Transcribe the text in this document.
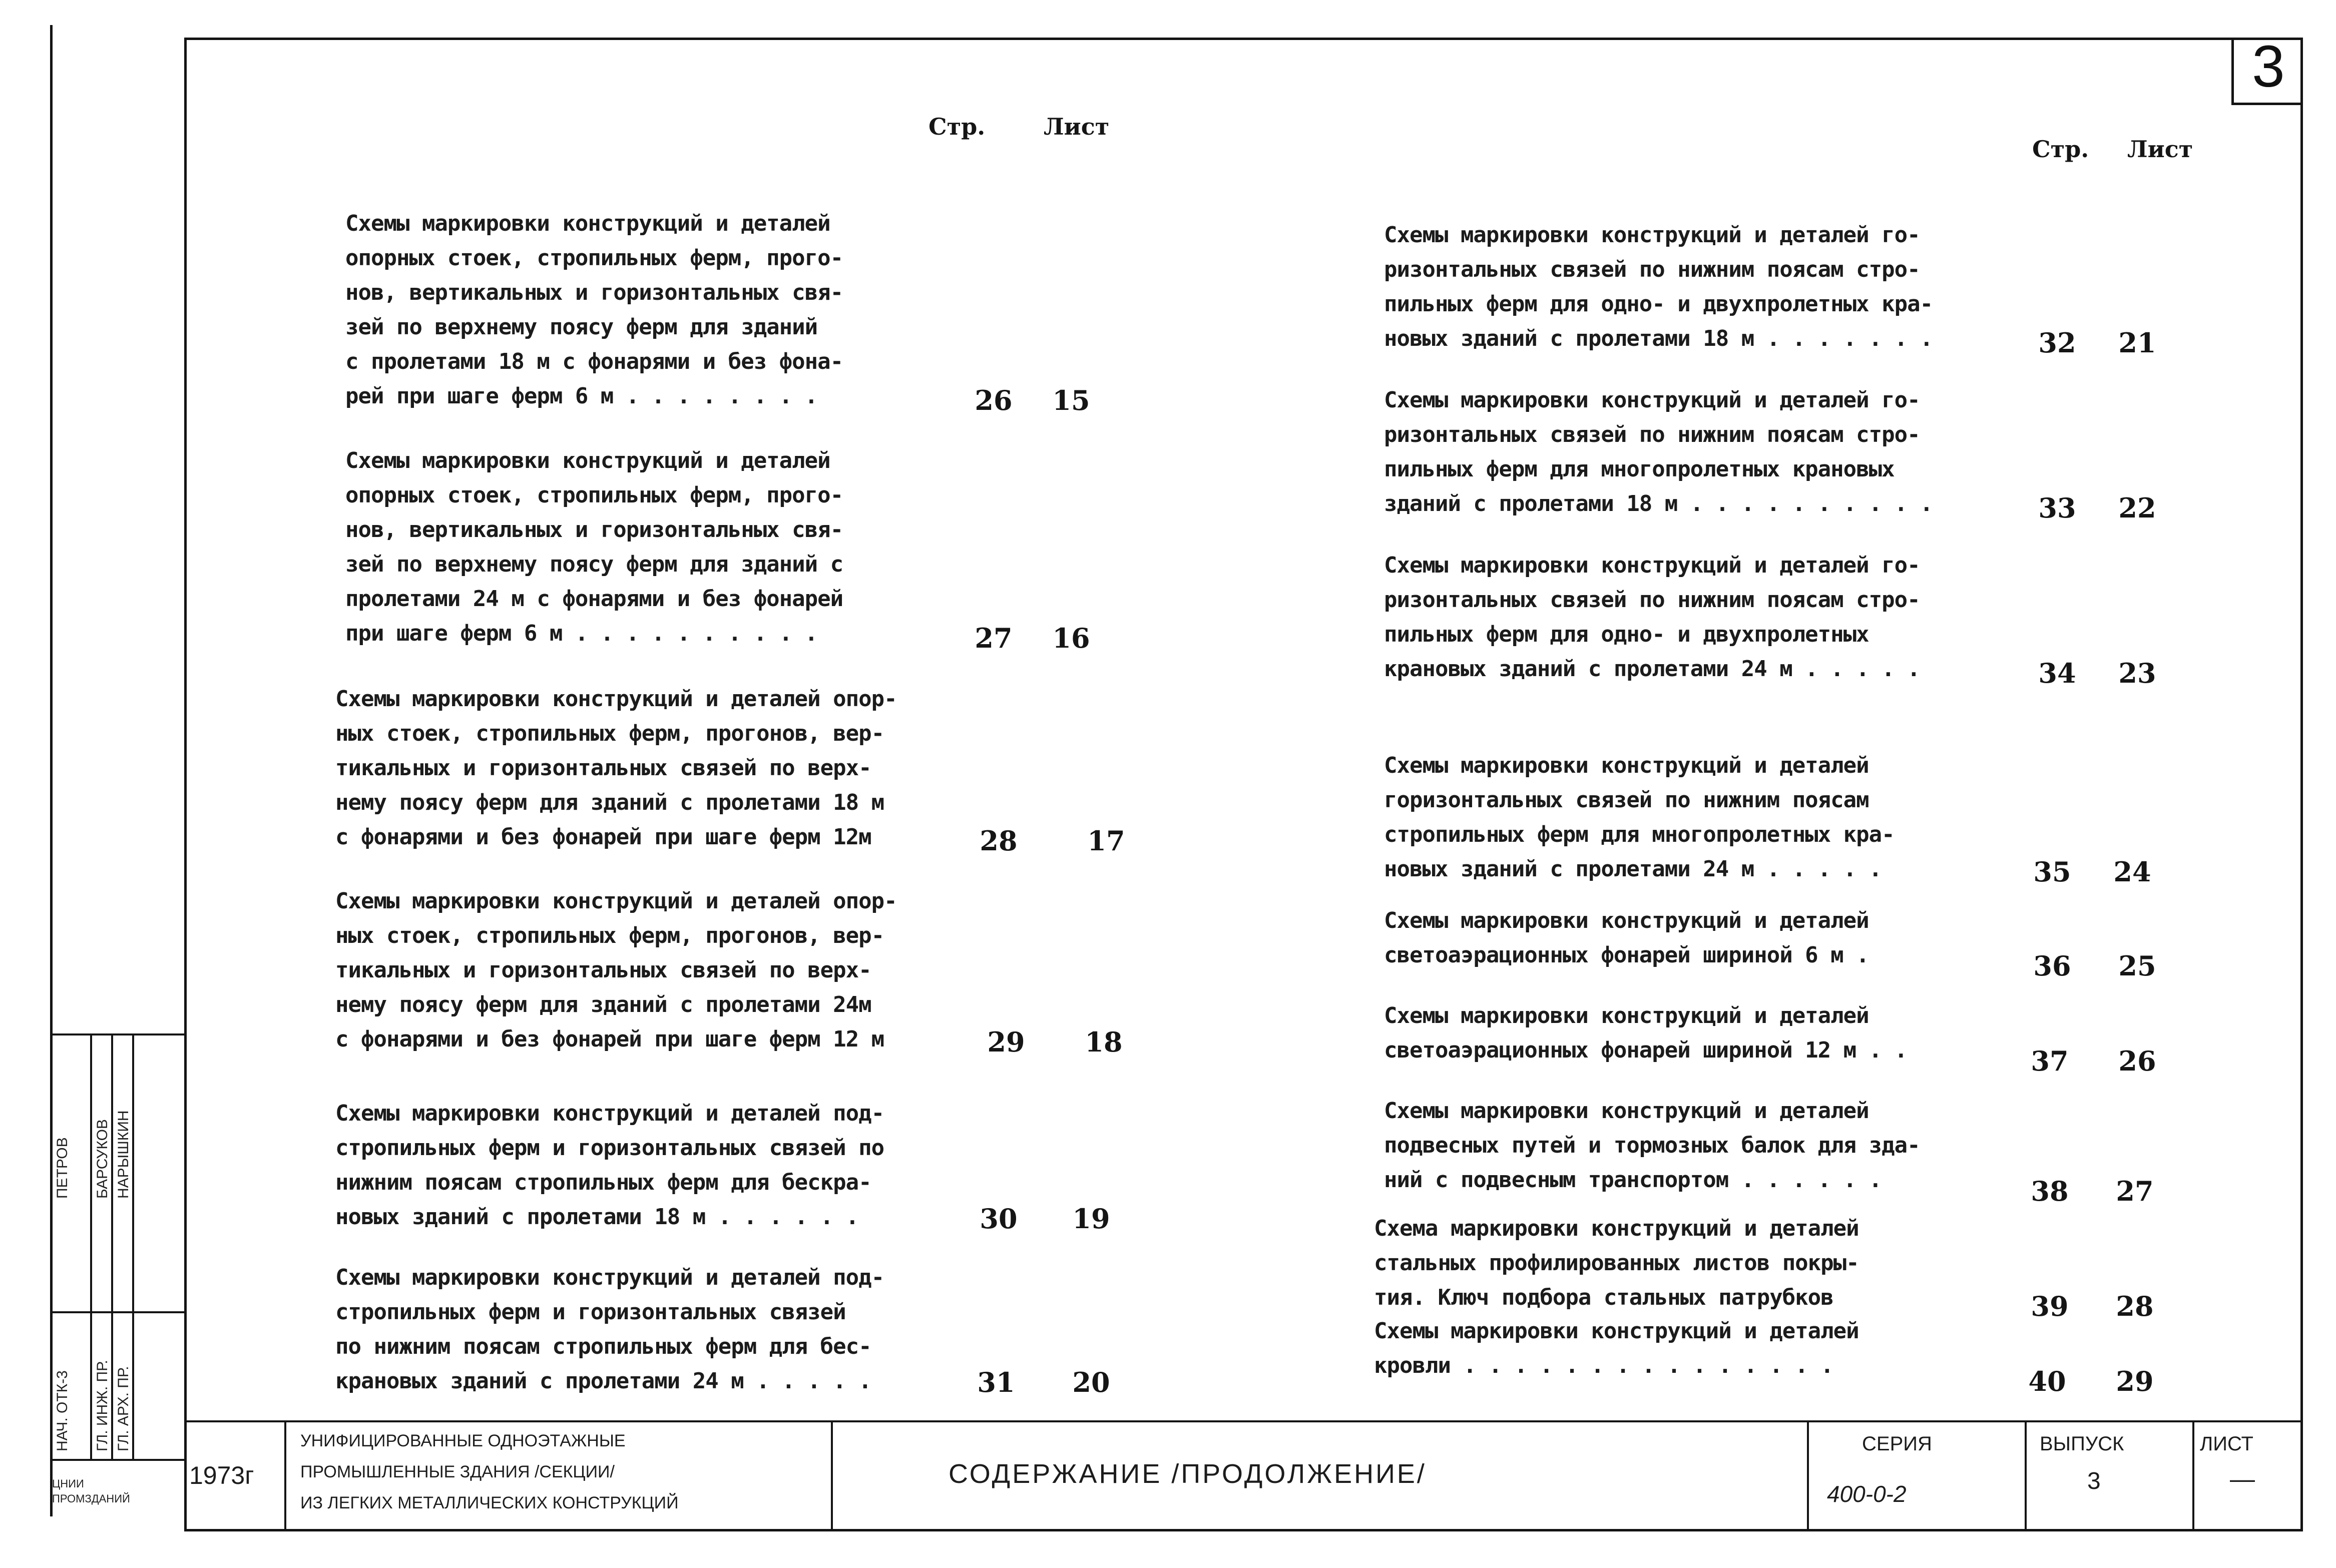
3
Стр.	Лист
Стр. Лист
Схемы маркировки конструкций и деталей
опорных стоек, стропильных ферм, прого-
нов, вертикальных и горизонтальных свя-
зей по верхнему поясу ферм для зданий
с пролетами 18 м с фонарями и без фона-
рей при шаге ферм 6 м . . . . . . . .	26	15
Схемы маркировки конструкций и деталей
опорных стоек, стропильных ферм, прого-
нов, вертикальных и горизонтальных свя-
зей по верхнему поясу ферм для зданий с
пролетами 24 м с фонарями и без фонарей
при шаге ферм 6 м . . . . . . . . . .	27	16
Схемы маркировки конструкций и деталей опор-
ных стоек, стропильных ферм, прогонов, вер-
тикальных и горизонтальных связей по верх-
нему поясу ферм для зданий с пролетами 18 м
с фонарями и без фонарей при шаге ферм 12м	28	17
Схемы маркировки конструкций и деталей опор-
ных стоек, стропильных ферм, прогонов, вер-
тикальных и горизонтальных связей по верх-
нему поясу ферм для зданий с пролетами 24м
с фонарями и без фонарей при шаге ферм 12 м	29	18
Схемы маркировки конструкций и деталей под-
стропильных ферм и горизонтальных связей по
нижним поясам стропильных ферм для бескра-
новых зданий с пролетами 18 м . . . . . .	30	19
Схемы маркировки конструкций и деталей под-
стропильных ферм и горизонтальных связей
по нижним поясам стропильных ферм для бес-
крановых зданий с пролетами 24 м . . . . .	31	20
Схемы маркировки конструкций и деталей го-
ризонтальных связей по нижним поясам стро-
пильных ферм для одно- и двухпролетных кра-
новых зданий с пролетами 18 м . . . . . . .	32	21
Схемы маркировки конструкций и деталей го-
ризонтальных связей по нижним поясам стро-
пильных ферм для многопролетных крановых
зданий с пролетами 18 м . . . . . . . . . .	33	22
Схемы маркировки конструкций и деталей го-
ризонтальных связей по нижним поясам стро-
пильных ферм для одно- и двухпролетных
крановых зданий с пролетами 24 м . . . . .	34	23
Схемы маркировки конструкций и деталей
горизонтальных связей по нижним поясам
стропильных ферм для многопролетных кра-
новых зданий с пролетами 24 м . . . . .	35	24
Схемы маркировки конструкций и деталей
светоаэрационных фонарей шириной 6 м .	36	25
Схемы маркировки конструкций и деталей
светоаэрационных фонарей шириной 12 м . .	37	26
Схемы маркировки конструкций и деталей
подвесных путей и тормозных балок для зда-
ний с подвесным транспортом . . . . . .	38	27
Схема маркировки конструкций и деталей
стальных профилированных листов покры-
тия. Ключ подбора стальных патрубков	39	28
Схемы маркировки конструкций и деталей
кровли . . . . . . . . . . . . . . .	40	29
ПЕТРОВ БАРСУКОВ НАРЫШКИН
НАЧ. ОТК-3 ГЛ. ИНЖ. ПР. ГЛ. АРХ. ПР.
ЦНИИ
ПРОМЗДАНИЙ
1973г
УНИФИЦИРОВАННЫЕ ОДНОЭТАЖНЫЕ
ПРОМЫШЛЕННЫЕ ЗДАНИЯ /СЕКЦИИ/
ИЗ ЛЕГКИХ МЕТАЛЛИЧЕСКИХ КОНСТРУКЦИЙ
СОДЕРЖАНИЕ /ПРОДОЛЖЕНИЕ/
СЕРИЯ
400-0-2
ВЫПУСК
3
ЛИСТ
—
